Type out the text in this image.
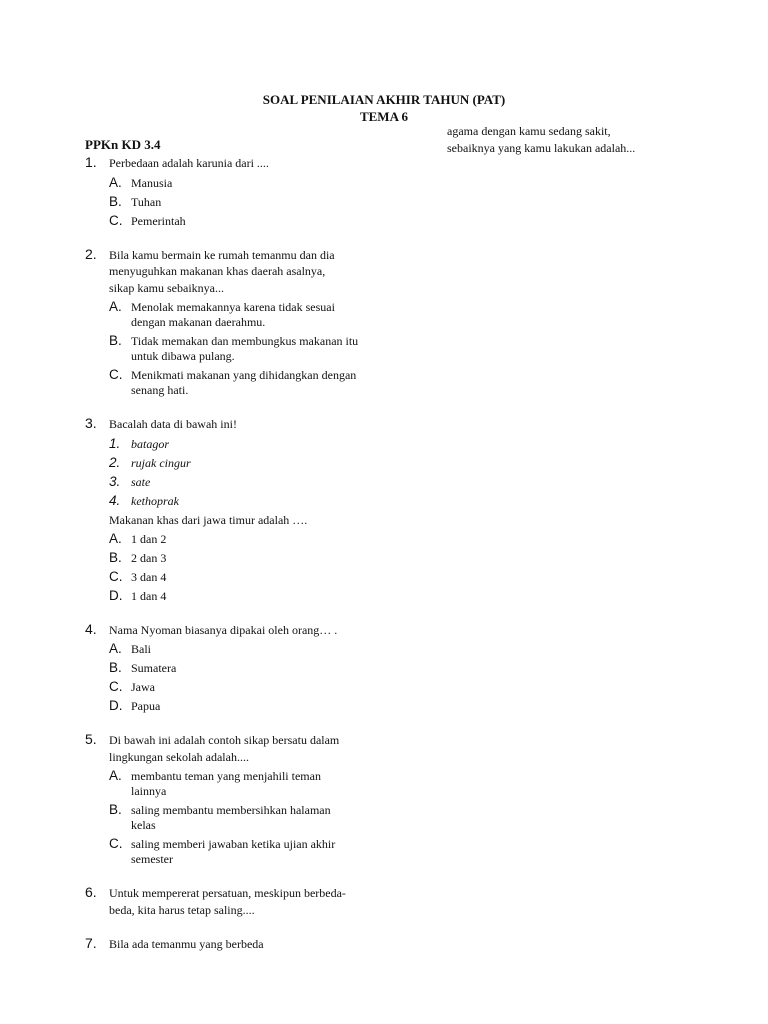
SOAL PENILAIAN AKHIR TAHUN (PAT)
TEMA 6
PPKn KD 3.4
1. Perbedaan adalah karunia dari ....
A. Manusia
B. Tuhan
C. Pemerintah
2. Bila kamu bermain ke rumah temanmu dan dia menyuguhkan makanan khas daerah asalnya, sikap kamu sebaiknya...
A. Menolak memakannya karena tidak sesuai dengan makanan daerahmu.
B. Tidak memakan dan membungkus makanan itu untuk dibawa pulang.
C. Menikmati makanan yang dihidangkan dengan senang hati.
3. Bacalah data di bawah ini!
1. batagor
2. rujak cingur
3. sate
4. kethoprak
Makanan khas dari jawa timur adalah ….
A. 1 dan 2
B. 2 dan 3
C. 3 dan 4
D. 1 dan 4
4. Nama Nyoman biasanya dipakai oleh orang… .
A. Bali
B. Sumatera
C. Jawa
D. Papua
5. Di bawah ini adalah contoh sikap bersatu dalam lingkungan sekolah adalah....
A. membantu teman yang menjahili teman lainnya
B. saling membantu membersihkan halaman kelas
C. saling memberi jawaban ketika ujian akhir semester
6. Untuk mempererat persatuan, meskipun berbeda-beda, kita harus tetap saling....
7. Bila ada temanmu yang berbeda
agama dengan kamu sedang sakit, sebaiknya yang kamu lakukan adalah...
